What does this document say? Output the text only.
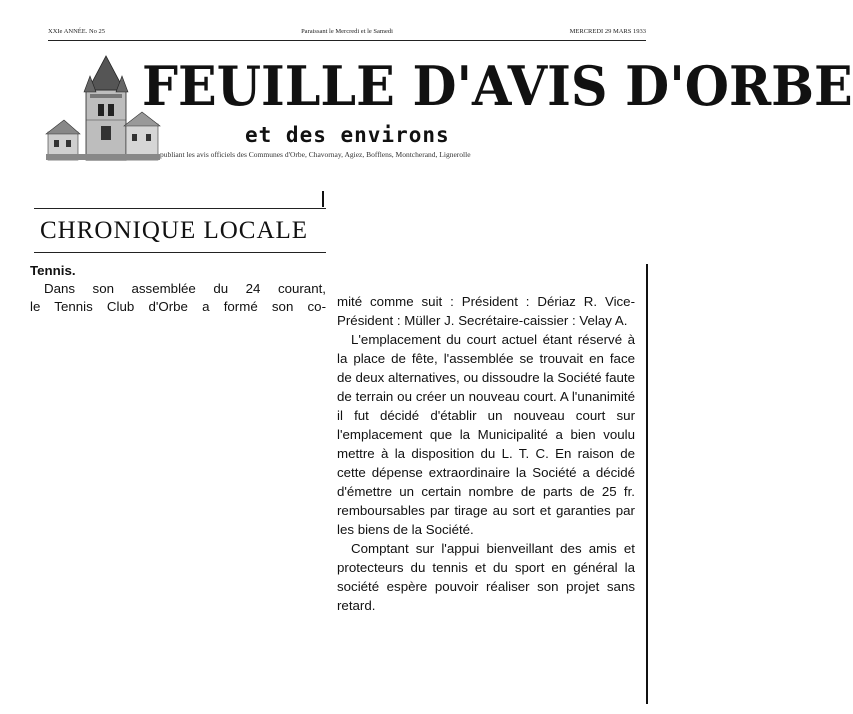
XXIe ANNÉE. No 25	Paraissant le Mercredi et le Samedi	MERCREDI 29 MARS 1933
FEUILLE D'AVIS D'ORBE
et des environs
publiant les avis officiels des Communes d'Orbe, Chavornay, Agiez, Bofflens, Montcherand, Lignerolle
CHRONIQUE LOCALE
Tennis.
Dans son assemblée du 24 courant,
le Tennis Club d'Orbe a formé son co- mité comme suit : Président : Dériaz R. Vice-Président : Müller J. Secrétaire-caissier : Velay A.

L'emplacement du court actuel étant réservé à la place de fête, l'assemblée se trouvait en face de deux alternatives, ou dissoudre la Société faute de terrain ou créer un nouveau court. A l'unanimité il fut décidé d'établir un nouveau court sur l'emplacement que la Municipalité a bien voulu mettre à la disposition du L. T. C. En raison de cette dépense extraordinaire la Société a décidé d'émettre un certain nombre de parts de 25 fr. remboursables par tirage au sort et garanties par les biens de la Société.

Comptant sur l'appui bienveillant des amis et protecteurs du tennis et du sport en général la société espère pouvoir réaliser son projet sans retard.
